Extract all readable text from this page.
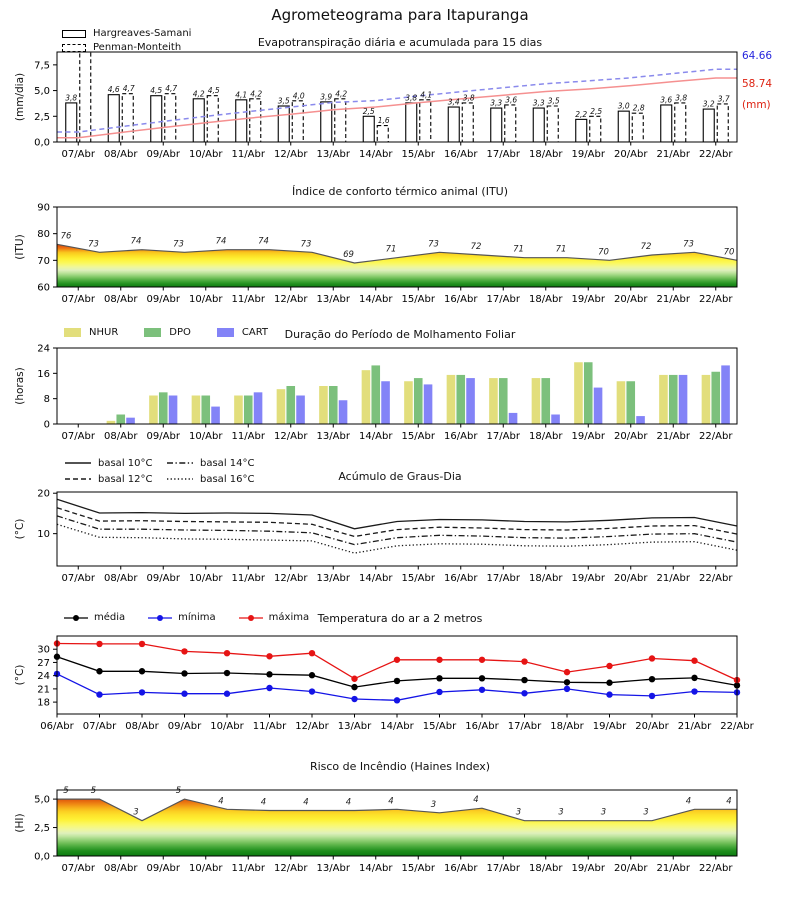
Agrometeograma para Itapuranga
Evapotranspiração diária e acumulada para 15 dias
Hargreaves-Samani
Penman-Monteith
(mm/dia)
64.66
58.74
(mm)
3,8
4,6	4,5	4,2	4,1
3,5	3,9
2,5
3,8	3,4	3,3	3,3
2,2
3,0
3,6	3,2
4,7	4,7	4,5	4,2	4,0	4,2
1,6
4,1	3,8	3,6	3,5
2,5	2,8
3,8	3,7
0,0
2,5
5,0
7,5
07/Abr 08/Abr 09/Abr 10/Abr 11/Abr 12/Abr 13/Abr 14/Abr 15/Abr 16/Abr 17/Abr 18/Abr 19/Abr 20/Abr 21/Abr 22/Abr
Índice de conforto térmico animal (ITU)
(ITU)	76
73	74	73	74	74	73
69
71
73	72	71	71	70
72	73
70
60
70
80
90
07/Abr 08/Abr 09/Abr 10/Abr 11/Abr 12/Abr 13/Abr 14/Abr 15/Abr 16/Abr 17/Abr 18/Abr 19/Abr 20/Abr 21/Abr 22/Abr
Duração do Período de Molhamento Foliar
NHUR	DPO	CART
(horas)
0
8
16
24
07/Abr 08/Abr 09/Abr 10/Abr 11/Abr 12/Abr 13/Abr 14/Abr 15/Abr 16/Abr 17/Abr 18/Abr 19/Abr 20/Abr 21/Abr 22/Abr
Acúmulo de Graus-Dia
basal 10°C
basal 12°C
basal 14°C
basal 16°C
(°C) 10
20
07/Abr 08/Abr 09/Abr 10/Abr 11/Abr 12/Abr 13/Abr 14/Abr 15/Abr 16/Abr 17/Abr 18/Abr 19/Abr 20/Abr 21/Abr 22/Abr
Temperatura do ar a 2 metros
média	mínima	máxima
(°C)
18
21
24
27
30
06/Abr 07/Abr 08/Abr 09/Abr 10/Abr 11/Abr 12/Abr 13/Abr 14/Abr 15/Abr 16/Abr 17/Abr 18/Abr 19/Abr 20/Abr 21/Abr 22/Abr
Risco de Incêndio (Haines Index)
(HI)
5	5
3
5
4	4	4	4	4	3	4
3	3	3	3
4	4
0,0
2,5
5,0
07/Abr 08/Abr 09/Abr 10/Abr 11/Abr 12/Abr 13/Abr 14/Abr 15/Abr 16/Abr 17/Abr 18/Abr 19/Abr 20/Abr 21/Abr 22/Abr
